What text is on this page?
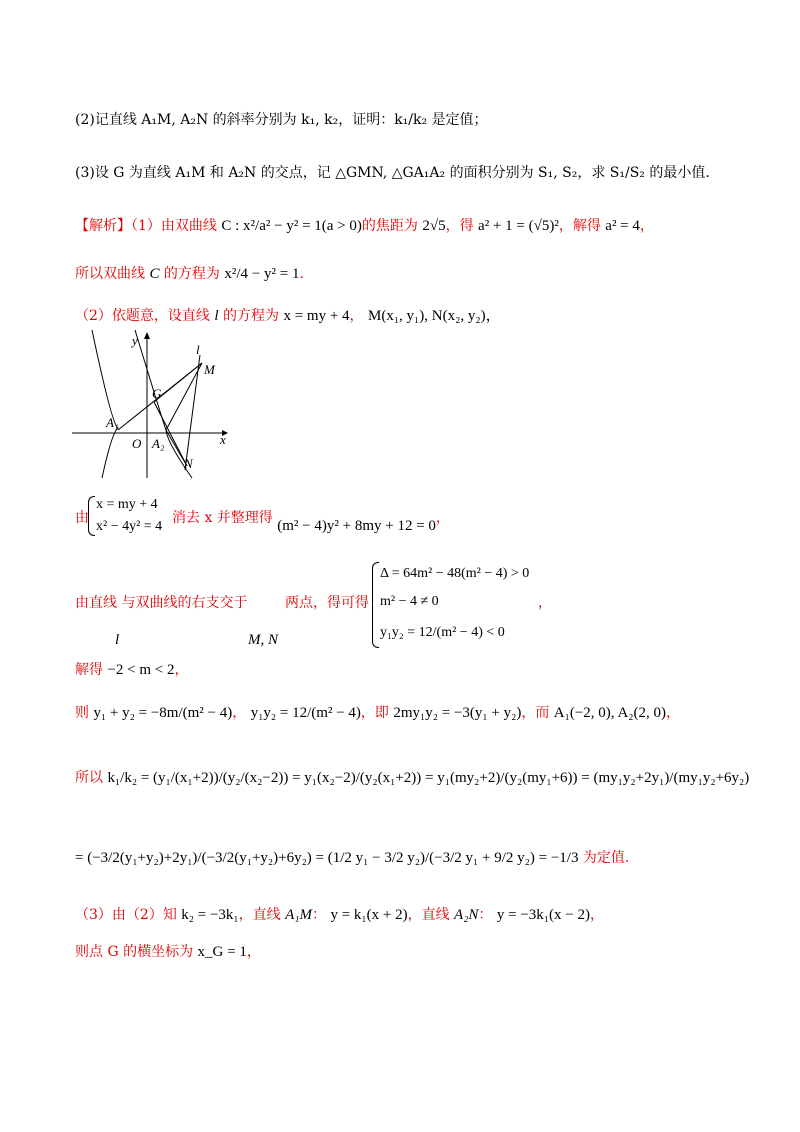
(2)记直线 A₁M, A₂N 的斜率分别为 k₁, k₂，证明：k₁/k₂ 是定值；
(3)设 G 为直线 A₁M 和 A₂N 的交点，记 △GMN, △GA₁A₂ 的面积分别为 S₁, S₂，求 S₁/S₂ 的最小值.
【解析】（1）由双曲线 C : x²/a² − y² = 1(a > 0)的焦距为 2√5，得 a² + 1 = (√5)²，解得 a² = 4，
所以双曲线 C 的方程为 x²/4 − y² = 1.
（2）依题意，设直线 l 的方程为 x = my + 4， M(x₁, y₁), N(x₂, y₂)，
y
l
M
G
A₁
O A₂	x
N
由
x = my + 4
x² − 4y² = 4
消去 x 并整理得 (m² − 4)y² + 8my + 12 = 0，
由直线 与双曲线的右支交于	两点，得可得
l	M, N
Δ = 64m² − 48(m² − 4) > 0
m² − 4 ≠ 0
y₁y₂ = 12/(m² − 4) < 0
，
解得 −2 < m < 2，
则 y₁ + y₂ = −8m/(m² − 4)， y₁y₂ = 12/(m² − 4)，即 2my₁y₂ = −3(y₁ + y₂)，而 A₁(−2, 0), A₂(2, 0)，
所以 k₁/k₂ = (y₁/(x₁+2))/(y₂/(x₂−2)) = y₁(x₂−2)/(y₂(x₁+2)) = y₁(my₂+2)/(y₂(my₁+6)) = (my₁y₂+2y₁)/(my₁y₂+6y₂)
= (−3/2(y₁+y₂)+2y₁)/(−3/2(y₁+y₂)+6y₂) = (1/2 y₁ − 3/2 y₂)/(−3/2 y₁ + 9/2 y₂) = −1/3 为定值.
（3）由（2）知 k₂ = −3k₁，直线 A₁M： y = k₁(x + 2)，直线 A₂N： y = −3k₁(x − 2)，
则点 G 的横坐标为 x_G = 1，
